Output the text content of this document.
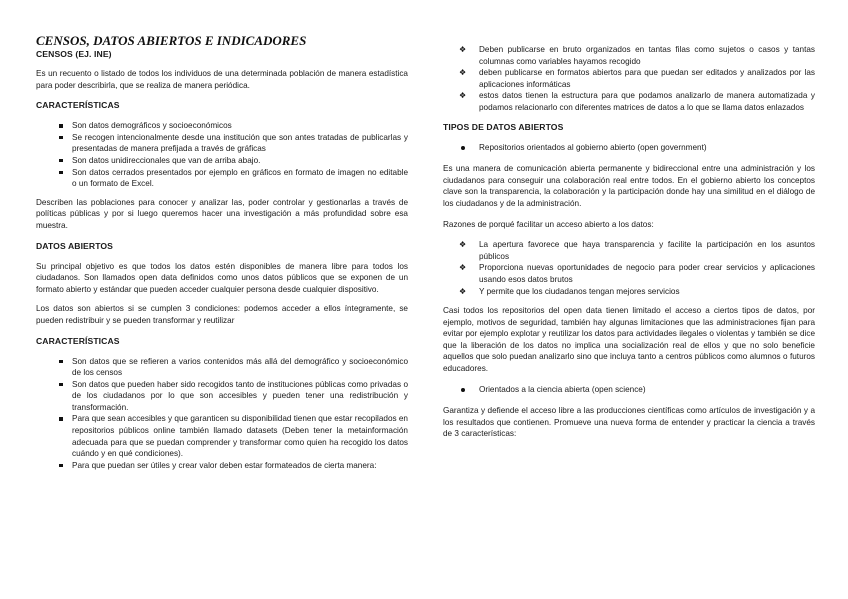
CENSOS, DATOS ABIERTOS E INDICADORES
CENSOS (EJ. INE)

Es un recuento o listado de todos los individuos de una determinada población de manera estadística para poder describirla, que se realiza de manera periódica.

CARACTERÍSTICAS
Son datos demográficos y socioeconómicos
Se recogen intencionalmente desde una institución que son antes tratadas de publicarlas y presentadas de manera prefijada a través de gráficas
Son datos unidireccionales que van de arriba abajo.
Son datos cerrados presentados por ejemplo en gráficos en formato de imagen no editable o un formato de Excel.

Describen las poblaciones para conocer y analizar las, poder controlar y gestionarlas a través de políticas públicas y por si luego queremos hacer una investigación a más profundidad sobre esa muestra.

DATOS ABIERTOS

Su principal objetivo es que todos los datos estén disponibles de manera libre para todos los ciudadanos. Son llamados open data definidos como unos datos públicos que se exponen de un formato abierto y estándar que pueden acceder cualquier persona desde cualquier dispositivo.

Los datos son abiertos si se cumplen 3 condiciones: podemos acceder a ellos íntegramente, se pueden redistribuir y se pueden transformar y reutilizar

CARACTERÍSTICAS
Son datos que se refieren a varios contenidos más allá del demográfico y socioeconómico de los censos
Son datos que pueden haber sido recogidos tanto de instituciones públicas como privadas o de los ciudadanos por lo que son accesibles y pueden tener una redistribución y transformación.
Para que sean accesibles y que garanticen su disponibilidad tienen que estar recopilados en repositorios públicos online también llamado datasets (Deben tener la metainformación adecuada para que se puedan comprender y transformar como quien ha recogido los datos cuándo y en qué condiciones).
Para que puedan ser útiles y crear valor deben estar formateados de cierta manera:
❖ Deben publicarse en bruto organizados en tantas filas como sujetos o casos y tantas columnas como variables hayamos recogido
❖ deben publicarse en formatos abiertos para que puedan ser editados y analizados por las aplicaciones informáticas
❖ estos datos tienen la estructura para que podamos analizarlo de manera automatizada y podamos relacionarlo con diferentes matrices de datos a lo que se llama datos enlazados
TIPOS DE DATOS ABIERTOS
Repositorios orientados al gobierno abierto (open government)

Es una manera de comunicación abierta permanente y bidireccional entre una administración y los ciudadanos para conseguir una colaboración real entre todos. En el gobierno abierto los conceptos clave son la transparencia, la colaboración y la participación donde hay una similitud en el diálogo de los ciudadanos y de la administración.

Razones de porqué facilitar un acceso abierto a los datos:

❖ La apertura favorece que haya transparencia y facilite la participación en los asuntos públicos
❖ Proporciona nuevas oportunidades de negocio para poder crear servicios y aplicaciones usando esos datos brutos
❖ Y permite que los ciudadanos tengan mejores servicios

Casi todos los repositorios del open data tienen limitado el acceso a ciertos tipos de datos, por ejemplo, motivos de seguridad, también hay algunas limitaciones que las administraciones fijan para evitar por ejemplo explotar y reutilizar los datos para actividades ilegales o violentas y también se dice que la liberación de los datos no implica una socialización real de ellos y que no solo beneficie aquellos que solo puedan analizarlo sino que incluya tanto a centros públicos como alumnos o futuros educadores.

Orientados a la ciencia abierta (open science)

Garantiza y defiende el acceso libre a las producciones científicas como artículos de investigación y a los resultados que contienen. Promueve una nueva forma de entender y practicar la ciencia a través de 3 características:
